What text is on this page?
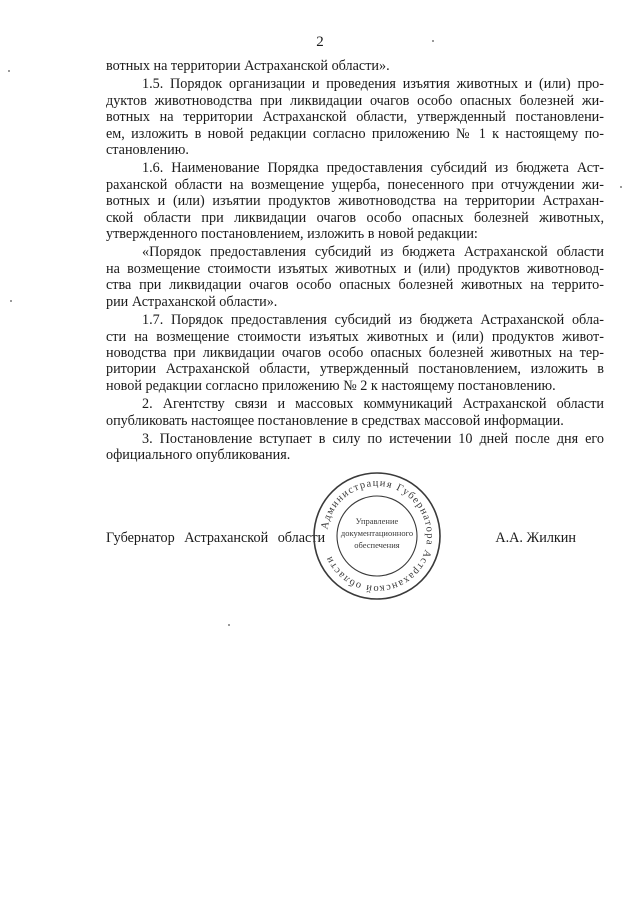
2

вотных на территории Астраханской области».

1.5. Порядок организации и проведения изъятия животных и (или) про-

дуктов животноводства при ликвидации очагов особо опасных болезней жи-

вотных на территории Астраханской области, утвержденный постановлени-

ем, изложить в новой редакции согласно приложению № 1 к настоящему по-

становлению.

1.6. Наименование Порядка предоставления субсидий из бюджета Аст-

раханской области на возмещение ущерба, понесенного при отчуждении жи-

вотных и (или) изъятии продуктов животноводства на территории Астрахан-

ской области при ликвидации очагов особо опасных болезней животных,

утвержденного постановлением, изложить в новой редакции:

«Порядок предоставления субсидий из бюджета Астраханской области

на возмещение стоимости изъятых животных и (или) продуктов животновод-

ства при ликвидации очагов особо опасных болезней животных на террито-

рии Астраханской области».

1.7. Порядок предоставления субсидий из бюджета Астраханской обла-

сти на возмещение стоимости изъятых животных и (или) продуктов живот-

новодства при ликвидации очагов особо опасных болезней животных на тер-

ритории Астраханской области, утвержденный постановлением, изложить в

новой редакции согласно приложению № 2 к настоящему постановлению.

2. Агентству связи и массовых коммуникаций Астраханской области

опубликовать настоящее постановление в средствах массовой информации.

3. Постановление вступает в силу по истечении 10 дней после дня его

официального опубликования.

Губернатор Астраханской области	А.А. Жилкин
Администрация Губернатора Астраханской области
Управление
документационного
обеспечения
